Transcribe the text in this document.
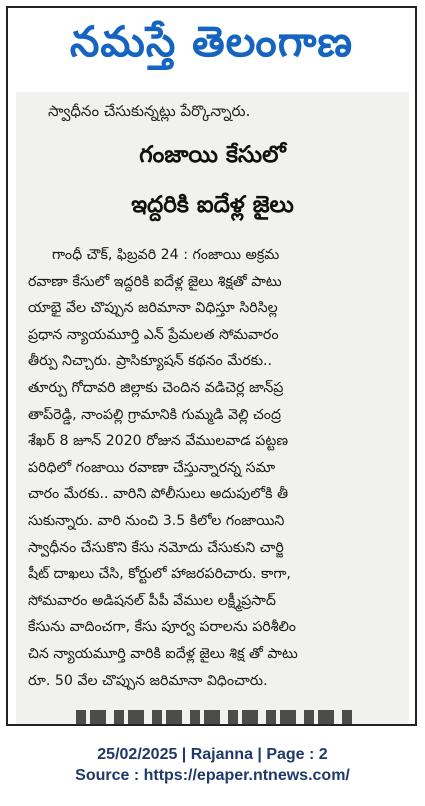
నమస్తే తెలంగాణ
స్వాధీనం చేసుకున్నట్లు పేర్కొన్నారు.
గంజాయి కేసులో
ఇద్దరికి ఐదేళ్ల జైలు
గాంధీ చౌక్, ఫిబ్రవరి 24 : గంజాయి అక్రమ
రవాణా కేసులో ఇద్దరికి ఐదేళ్ల జైలు శిక్షతో పాటు
యాభై వేల చొప్పున జరిమానా విధిస్తూ సిరిసిల్ల
ప్రధాన న్యాయమూర్తి ఎన్ ప్రేమలత సోమవారం
తీర్పు నిచ్చారు. ప్రాసిక్యూషన్ కథనం మేరకు..
తూర్పు గోదావరి జిల్లాకు చెందిన వడిచెర్ల జాన్‌ప్ర
తాప్‌రెడ్డి, నాంపల్లి గ్రామానికి గుమ్మడి వెల్లి చంద్ర
శేఖర్ 8 జూన్ 2020 రోజున వేములవాడ పట్టణ
పరిధిలో గంజాయి రవాణా చేస్తున్నారన్న సమా
చారం మేరకు.. వారిని పోలీసులు అదుపులోకి తీ
సుకున్నారు. వారి నుంచి 3.5 కిలోల గంజాయిని
స్వాధీనం చేసుకొని కేసు నమోదు చేసుకుని చార్జి
షీట్ దాఖలు చేసి, కోర్టులో హాజరపరిచారు. కాగా,
సోమవారం అడిషనల్ పీపీ వేముల లక్ష్మీప్రసాద్
కేసును వాదించగా, కేసు పూర్వ పరాలను పరిశీలిం
చిన న్యాయమూర్తి వారికి ఐదేళ్ల జైలు శిక్ష తో పాటు
రూ. 50 వేల చొప్పున జరిమానా విధించారు.
25/02/2025 | Rajanna | Page : 2
Source : https://epaper.ntnews.com/
